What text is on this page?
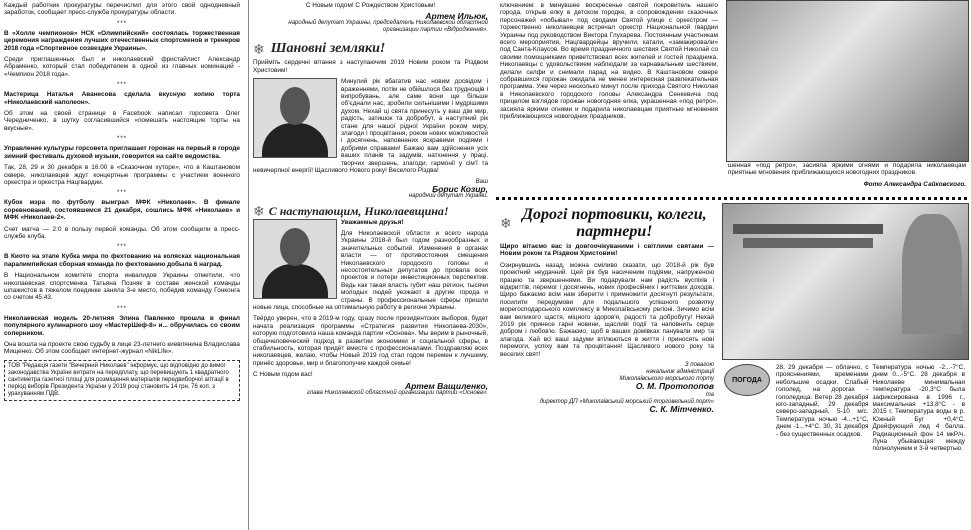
Каждый работник прокуратуры перечислил для этого свой однодневный заработок, сообщает пресс-служба прокуратуры области.

***

В «Холле чемпионов» НСК «Олимпийский» состоялась торжественная церемония награждения лучших отечественных спортсменов и тренеров 2018 года «Спортивное созвездие Украины».

Среди приглашенных был и николаевский фристайлист Александр Абраменко, который стал победителем в одной из главных номинаций - «Чемпион 2018 года».

***

Мастерица Наталья Аванесова сделала вкусную копию торта «Николаевский наполеон».

Об этом на своей странице в Facebook написал горсовета Олег Чередниченко, в шутку согласившийся «помешать настоящие торты на вкусные».

***

Управление культуры горсовета приглашает горожан на первый в городе зимний фестиваль духовой музыки, говорится на сайте ведомства.

Так, 28, 29 и 30 декабря в 16.00 в «Сказочном хуторе», что в Каштановом сквере, николаевцев ждут концертные программы с участием военного оркестра и оркестра Нацгвардии.

***

Кубок мэра по футболу выиграл МФК «Николаев». В финале соревнований, состоявшемся 21 декабря, сошлись МФК «Николаев» и МФК «Николаев-2».

Счет матча — 2:0 в пользу первой команды. Об этом сообщили в пресс-службе клуба.

***

В Киото на этапе Кубка мира по фехтованию на колясках национальная паралимпийская сборная команда по фехтованию добыла 6 наград.

В Национальном комитете спорта инвалидов Украины отметили, что николаевская спортсменка Татьяна Позняк в составе женской команды шпажистов в тяжелом поединке заняла 3-е место, победив команду Гонконга со счетом 45:43.

***

Николаевская модель 20-летняя Элина Павленко прошла в финал популярного кулинарного шоу «МастерШеф-8» и... обручилась со своим соперником.

Она вошла на проекте свою судьбу в лице 23-летнего киевлянина Владислава Мищенко. Об этом сообщает интернет-журнал «NikLife».

ТОВ "Редакція газети "Вечерний Николаев" інформує, що відповідно до вимог законодавства України витрати на передплату, що перевищують 1 квадратного сантиметра газетної площі для розміщення матеріалів передвиборчої агітації в період виборів Президента України у 2019 році становить 14 грн. 76 коп. з урахуванням ПДВ.

С Новым годом! С Рождеством Христовым!

Артем Ильюк,
народный депутат Украины, председатель Николаевской областной организации партии «Відродження».
❄ Шановні земляки!

Прийміть сердечні вітання з наступаючим 2019 Новим роком та Різдвом Христовим!

Минулий рік вбагатив нас новим досвідом і враженнями, потім не обійшлося без труднощів і випробувань, але саме вони ще більше об'єднали нас, зробили сильнішими і мудрішими духом. Нехай ці свята принесуть у ваш дім мир, радість, затишок та добробут, а наступний рік стане для нашої рідної України роком миру, злагоди і процвітання, роком нових можливостей і досягнень, наповнених яскравими подіями і добрими справами! Бажаю вам здійснення усіх ваших планів та задумів, натхнення у праці, творчих звершень, злагоди, гармонії у сім'ї та невичерпної енергії! Щасливого Нового року! Веселого Різдва!

Ваш
Борис Козир,
народний депутат України.
❄ С наступающим, Николаевщина!

Уважаемые друзья!

Для Николаевской области и всего народа Украины 2018-й был годом разнообразных и значительных событий. Изменения в органах власти — от противостояния смещения Николаевского городского головы и несостоятельных депутатов до провала всех проектов и потери инвестиционных перспектив. Ведь как такая власть губит наш регион, тысячи молодых людей уезжают в другие города и страны. В профессиональные сферы пришли новые лица, способные на оптимальную работу в регионе Украины.

Твёрдо уверен, что в 2019-м году, сразу после президентских выборов, будет начата реализация программы «Стратегия развития Николаева-2030», которую подготовила наша команда партии «Основа». Мы верим в рыночный, общечеловеческий подход в развитии экономики и социальной сферы, в стабильность, которая придёт вместе с профессионалами. Поздравляю всех николаевцев, желаю, чтобы Новый 2019 год стал годом перемен к лучшему, принёс здоровье, мир и благополучие каждой семье!

С Новым годом вас!

Артем Ващиленко,
глава Николаевской областной организации партии «Основа».

ключением: в минувшее воскресенье святой покровитель нашего города, открыв елку в детском городке, в сопровождении сказочных персонажей «побывал» под сводами Святой улице с оркестром — торжественно николаевцев встречал оркестр Национальной гвардии Украины под руководством Виктора Глухарева. Постоянным участникам всего мероприятия, Нацгвардейцы вручили, катали, «замакировали» под Санта-Клаусов. Во время праздничного шествия Святой Николай со своими помощниками приветствовал всех жителей и гостей праздника. Николаевцы с удовольствием наблюдали за карнавальным шествием, делали селфи и снимали парад на видео. В Каштановом сквере собравшихся горожан ожидала не менее интересная развлекательная программа. Уже через несколько минут после прихода Святого Николая в Николаевского городского головы Александра Сенкевича под прицелом взглядов горожан новогодняя елка, украшенная «под ретро», засияла яркими огнями и подарила николаевцам приятные мгновения приближающихся новогодних праздников.

шенная «под ретро», засияла яркими огнями и подарила николаевцам приятные мгновения приближающихся новогодних праздников.

Фото Александра Сайковского.

❄ Дорогі портовики, колеги, партнери!

Щиро вітаємо вас із довгоочікуваними і світлими святами — Новим роком та Різдвом Христовим!

Озирнувшись назад, можна сміливо сказати, що 2018-й рік був проектний неудачний. Цей рік був насиченим подіями, напруженою працею та звершеннями. Ви подарували нам радість вуспіхів і відкриттів, перемог і досягнень, нових професійних і життєвих доходів. Щиро бажаємо всім нам зберегти і примножити досягнуті результати, посилити передумови для подальшого успішного розвитку морегосподарського комплексу в Миколаївському регіоні. Зичимо всім вам великого щастя, міцного здоров'я, радості та добробуту! Нехай 2019 рік принесе гарні новини, щасливі події та наповнить серце добром і любов'ю. Бажаємо, щоб в ваших домівках панували мир та злагода. Хай всі ваші задуми втілюються в життя і приносять нові перемоги, успіху вам та процвітання! Щасливого нового року та веселих свят!

З повагою
начальник адміністрації
Миколаївського морського порту
О. М. Протопопов
та
директор ДП «Миколаївський морський торговельний порт»
С. К. Мітченко.
ПОГОДА

28, 29 декабря — облачно, с прояснениями, временами небольшие осадки. Слабый гололед, на дорогах - гололедица. Ветер 28 декабря юго-западный, 29 декабря северо-западный, 5-10 м/с. Температура ночью -4...+1°С, днем -1...+4°С. 30, 31 декабря - без существенных осадков.

Температура ночью -2...-7°С, днем 0...-5°С. 28 декабря в Николаеве минимальная температура -20,3°С была зафиксирована в 1996 г., максимальная +13,8°С - в 2015 г. Температура воды в р. Южный Буг +0,4°С. Дрейфующий лед 4 балла. Радиационный фон 14 мкР/ч. Луна убывающая: между полнолунием и 3-й четвертью.
